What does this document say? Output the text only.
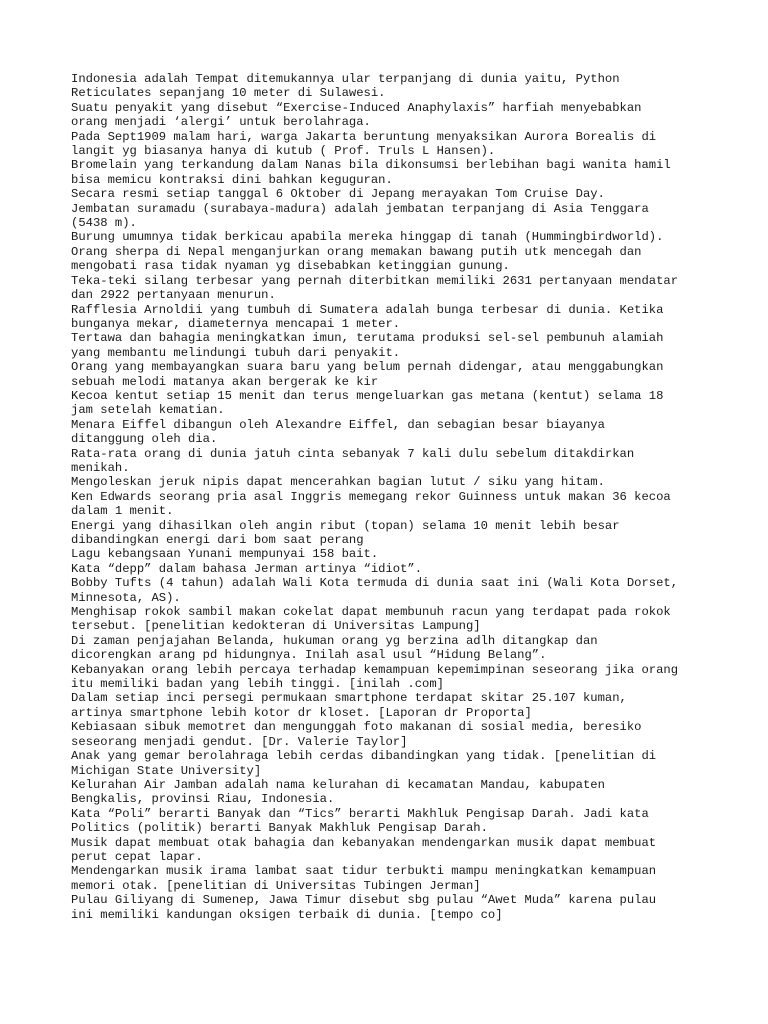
Indonesia adalah Tempat ditemukannya ular terpanjang di dunia yaitu, Python
Reticulates sepanjang 10 meter di Sulawesi.

Suatu penyakit yang disebut “Exercise-Induced Anaphylaxis” harfiah menyebabkan
orang menjadi ‘alergi’ untuk berolahraga.

Pada Sept1909 malam hari, warga Jakarta beruntung menyaksikan Aurora Borealis di
langit yg biasanya hanya di kutub ( Prof. Truls L Hansen).

Bromelain yang terkandung dalam Nanas bila dikonsumsi berlebihan bagi wanita hamil
bisa memicu kontraksi dini bahkan keguguran.

Secara resmi setiap tanggal 6 Oktober di Jepang merayakan Tom Cruise Day.

Jembatan suramadu (surabaya-madura) adalah jembatan terpanjang di Asia Tenggara
(5438 m).

Burung umumnya tidak berkicau apabila mereka hinggap di tanah (Hummingbirdworld).

Orang sherpa di Nepal menganjurkan orang memakan bawang putih utk mencegah dan
mengobati rasa tidak nyaman yg disebabkan ketinggian gunung.

Teka-teki silang terbesar yang pernah diterbitkan memiliki 2631 pertanyaan mendatar
dan 2922 pertanyaan menurun.

Rafflesia Arnoldii yang tumbuh di Sumatera adalah bunga terbesar di dunia. Ketika
bunganya mekar, diameternya mencapai 1 meter.

Tertawa dan bahagia meningkatkan imun, terutama produksi sel-sel pembunuh alamiah
yang membantu melindungi tubuh dari penyakit.

Orang yang membayangkan suara baru yang belum pernah didengar, atau menggabungkan
sebuah melodi matanya akan bergerak ke kir

Kecoa kentut setiap 15 menit dan terus mengeluarkan gas metana (kentut) selama 18
jam setelah kematian.

Menara Eiffel dibangun oleh Alexandre Eiffel, dan sebagian besar biayanya
ditanggung oleh dia.

Rata-rata orang di dunia jatuh cinta sebanyak 7 kali dulu sebelum ditakdirkan
menikah.

Mengoleskan jeruk nipis dapat mencerahkan bagian lutut / siku yang hitam.

Ken Edwards seorang pria asal Inggris memegang rekor Guinness untuk makan 36 kecoa
dalam 1 menit.

Energi yang dihasilkan oleh angin ribut (topan) selama 10 menit lebih besar
dibandingkan energi dari bom saat perang

Lagu kebangsaan Yunani mempunyai 158 bait.

Kata “depp” dalam bahasa Jerman artinya “idiot”.

Bobby Tufts (4 tahun) adalah Wali Kota termuda di dunia saat ini (Wali Kota Dorset,
Minnesota, AS).

Menghisap rokok sambil makan cokelat dapat membunuh racun yang terdapat pada rokok
tersebut. [penelitian kedokteran di Universitas Lampung]

Di zaman penjajahan Belanda, hukuman orang yg berzina adlh ditangkap dan
dicorengkan arang pd hidungnya. Inilah asal usul “Hidung Belang”.

Kebanyakan orang lebih percaya terhadap kemampuan kepemimpinan seseorang jika orang
itu memiliki badan yang lebih tinggi. [inilah .com]

Dalam setiap inci persegi permukaan smartphone terdapat skitar 25.107 kuman,
artinya smartphone lebih kotor dr kloset. [Laporan dr Proporta]

Kebiasaan sibuk memotret dan mengunggah foto makanan di sosial media, beresiko
seseorang menjadi gendut. [Dr. Valerie Taylor]

Anak yang gemar berolahraga lebih cerdas dibandingkan yang tidak. [penelitian di
Michigan State University]

Kelurahan Air Jamban adalah nama kelurahan di kecamatan Mandau, kabupaten
Bengkalis, provinsi Riau, Indonesia.

Kata “Poli” berarti Banyak dan “Tics” berarti Makhluk Pengisap Darah. Jadi kata
Politics (politik) berarti Banyak Makhluk Pengisap Darah.

Musik dapat membuat otak bahagia dan kebanyakan mendengarkan musik dapat membuat
perut cepat lapar.

Mendengarkan musik irama lambat saat tidur terbukti mampu meningkatkan kemampuan
memori otak. [penelitian di Universitas Tubingen Jerman]

Pulau Giliyang di Sumenep, Jawa Timur disebut sbg pulau “Awet Muda” karena pulau
ini memiliki kandungan oksigen terbaik di dunia. [tempo co]
